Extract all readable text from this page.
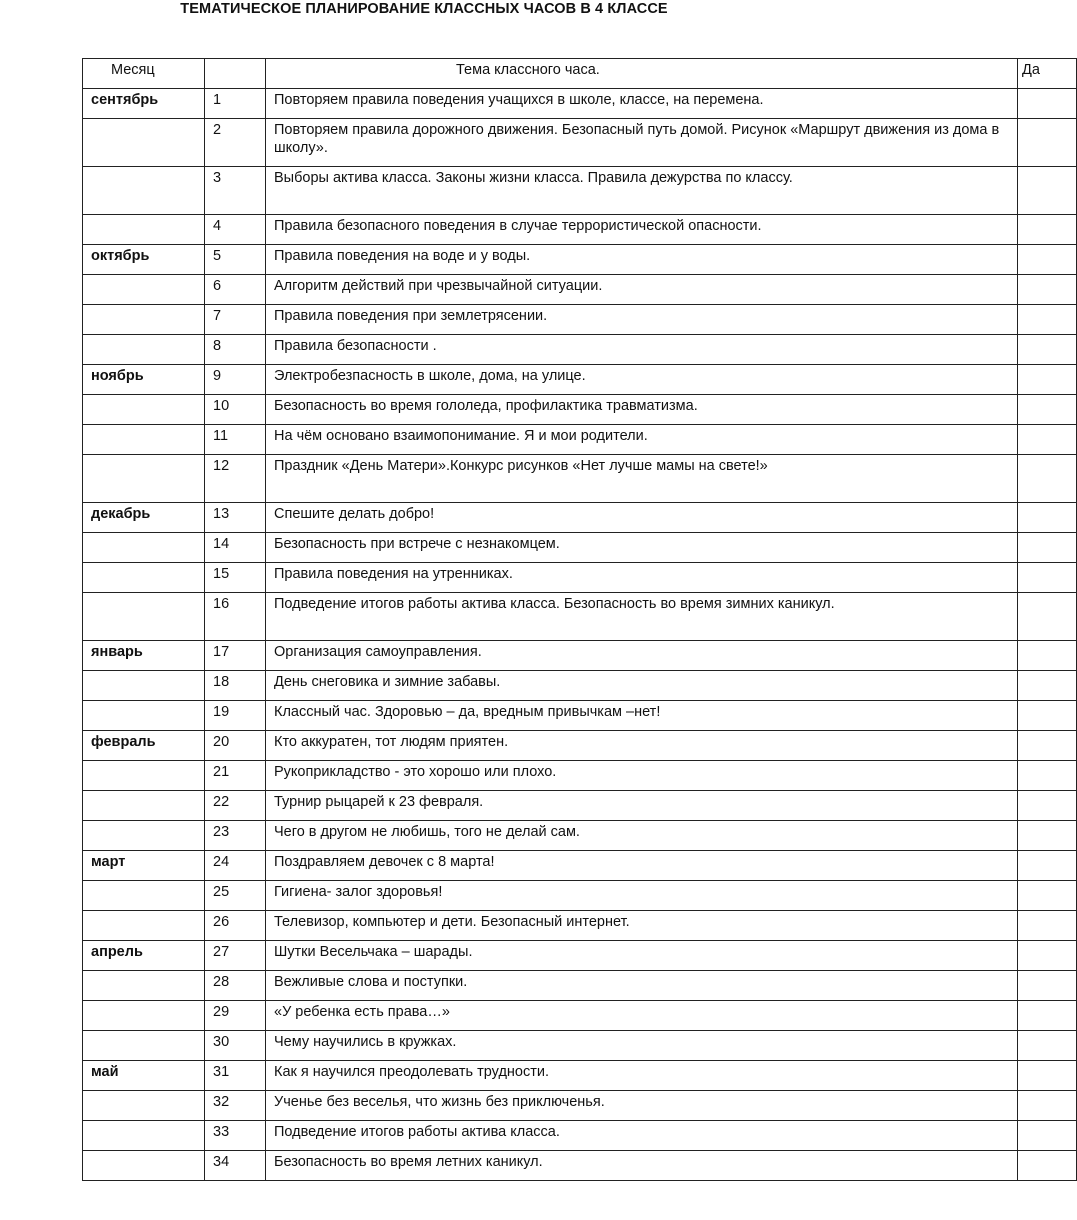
ТЕМАТИЧЕСКОЕ ПЛАНИРОВАНИЕ КЛАССНЫХ ЧАСОВ В 4 КЛАССЕ
Месяц		Тема классного часа.	Да
сентябрь	1	Повторяем правила поведения учащихся в школе, классе, на перемена.	
	2	Повторяем правила дорожного движения. Безопасный путь домой. Рисунок «Маршрут движения из дома в школу».	
	3	Выборы актива класса. Законы жизни класса. Правила дежурства по классу.	
	4	Правила безопасного поведения в случае террористической опасности.	
октябрь	5	Правила поведения на воде и у воды.	
	6	Алгоритм действий при чрезвычайной ситуации.	
	7	Правила поведения при землетрясении.	
	8	Правила безопасности .	
ноябрь	9	Электробезпасность в школе, дома, на улице.	
	10	Безопасность во время гололеда, профилактика травматизма.	
	11	На чём основано взаимопонимание. Я и мои родители.	
	12	Праздник «День Матери».Конкурс рисунков «Нет лучше мамы на свете!»	
декабрь	13	Спешите делать добро!	
	14	Безопасность при встрече с незнакомцем.	
	15	Правила поведения на утренниках.	
	16	Подведение итогов работы актива класса. Безопасность во время зимних каникул.	
январь	17	Организация самоуправления.	
	18	День снеговика и зимние забавы.	
	19	Классный час. Здоровью – да, вредным привычкам –нет!	
февраль	20	Кто аккуратен, тот людям приятен.	
	21	Рукоприкладство - это хорошо или плохо.	
	22	Турнир рыцарей к 23 февраля.	
	23	Чего в другом не любишь, того не делай сам.	
март	24	Поздравляем девочек с 8 марта!	
	25	Гигиена- залог здоровья!	
	26	Телевизор, компьютер и дети. Безопасный интернет.	
апрель	27	Шутки Весельчака – шарады.	
	28	Вежливые слова и поступки.	
	29	«У ребенка есть права…»	
	30	Чему научились в кружках.	
май	31	Как я научился преодолевать трудности.	
	32	Ученье без веселья, что жизнь без приключенья.	
	33	Подведение итогов работы актива класса.	
	34	Безопасность во время летних каникул.	
